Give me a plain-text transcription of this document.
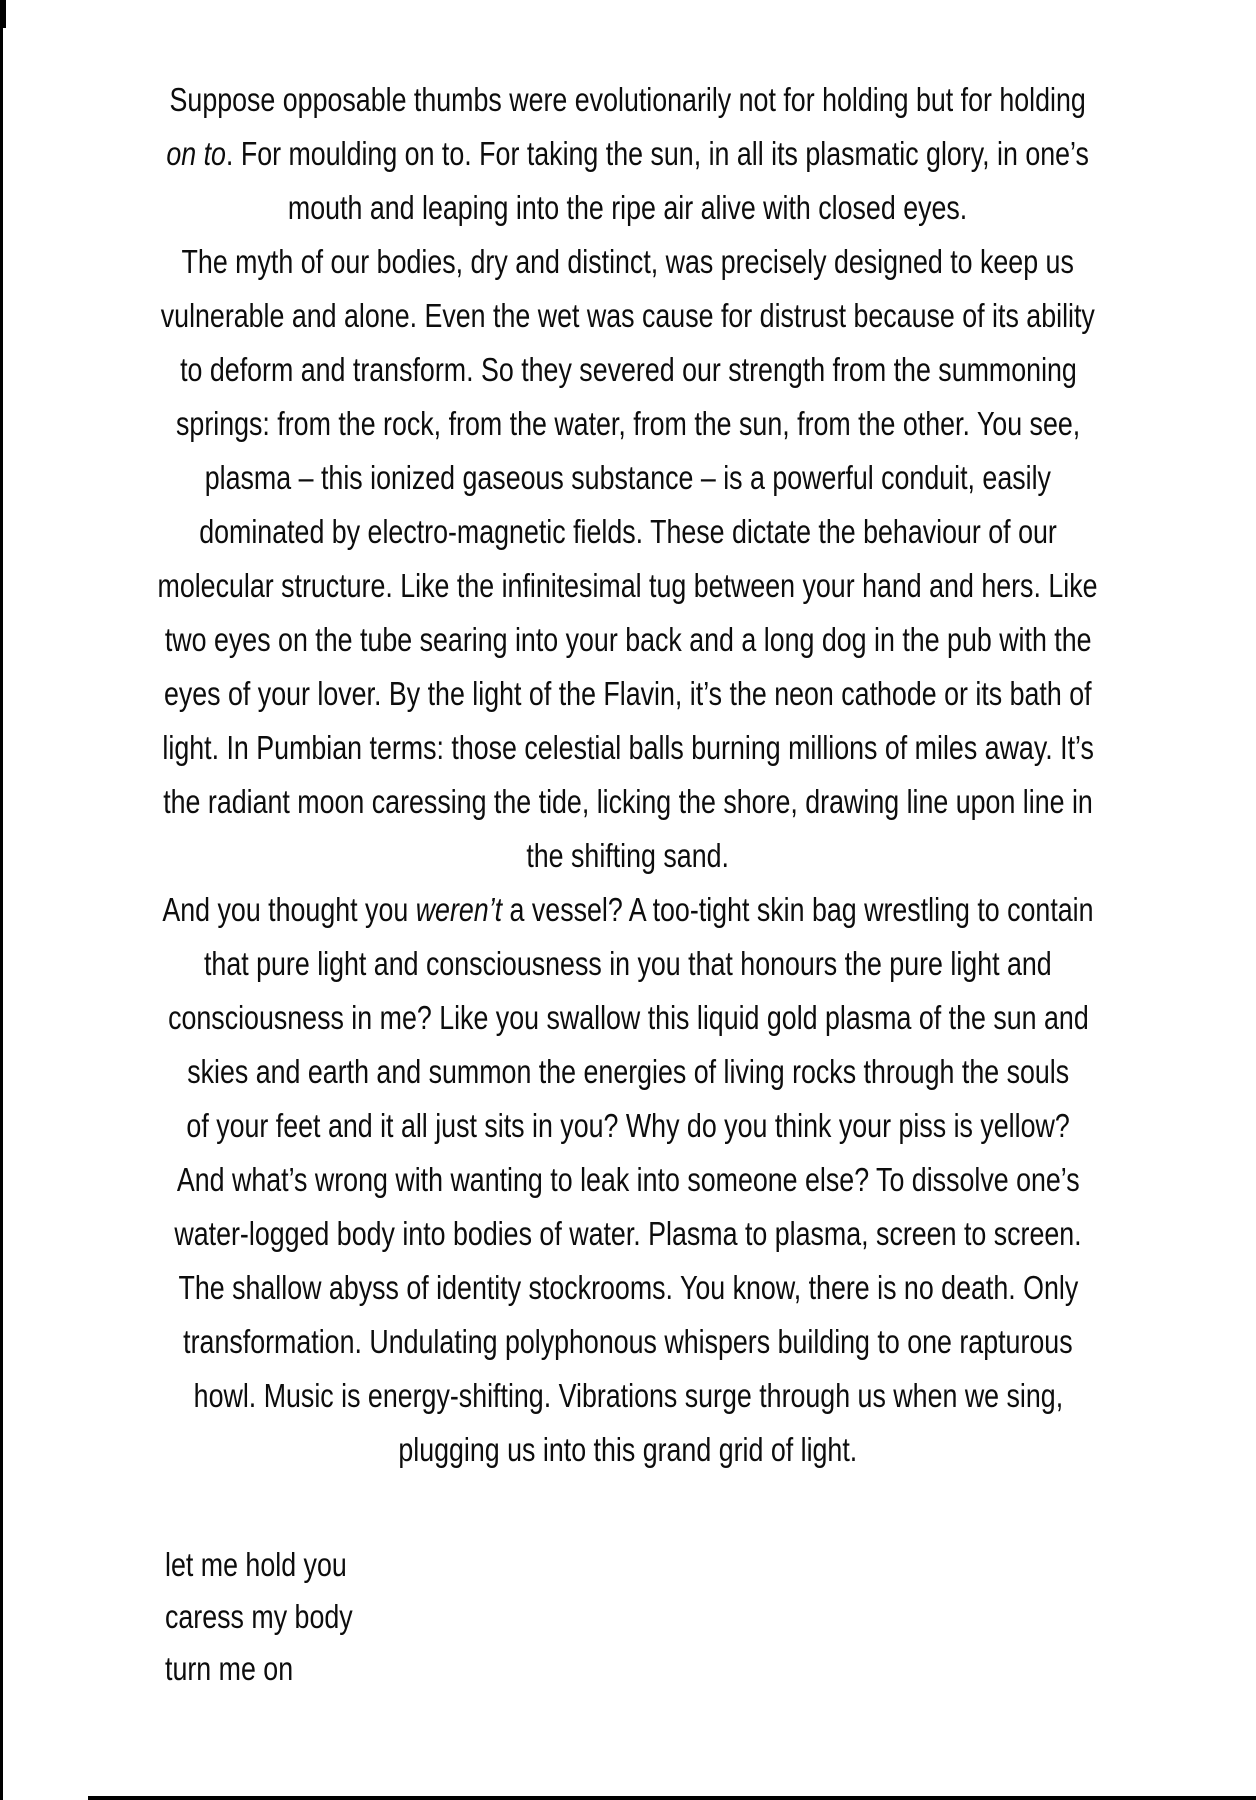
Suppose opposable thumbs were evolutionarily not for holding but for holding
on to. For moulding on to. For taking the sun, in all its plasmatic glory, in one’s
mouth and leaping into the ripe air alive with closed eyes.
The myth of our bodies, dry and distinct, was precisely designed to keep us
vulnerable and alone. Even the wet was cause for distrust because of its ability
to deform and transform. So they severed our strength from the summoning
springs: from the rock, from the water, from the sun, from the other. You see,
plasma – this ionized gaseous substance – is a powerful conduit, easily
dominated by electro-magnetic fields. These dictate the behaviour of our
molecular structure. Like the infinitesimal tug between your hand and hers. Like
two eyes on the tube searing into your back and a long dog in the pub with the
eyes of your lover. By the light of the Flavin, it’s the neon cathode or its bath of
light. In Pumbian terms: those celestial balls burning millions of miles away. It’s
the radiant moon caressing the tide, licking the shore, drawing line upon line in
the shifting sand.
And you thought you weren’t a vessel? A too-tight skin bag wrestling to contain
that pure light and consciousness in you that honours the pure light and
consciousness in me? Like you swallow this liquid gold plasma of the sun and
skies and earth and summon the energies of living rocks through the souls
of your feet and it all just sits in you? Why do you think your piss is yellow?
And what’s wrong with wanting to leak into someone else? To dissolve one’s
water-logged body into bodies of water. Plasma to plasma, screen to screen.
The shallow abyss of identity stockrooms. You know, there is no death. Only
transformation. Undulating polyphonous whispers building to one rapturous
howl. Music is energy-shifting. Vibrations surge through us when we sing,
plugging us into this grand grid of light.
let me hold you
caress my body
turn me on
